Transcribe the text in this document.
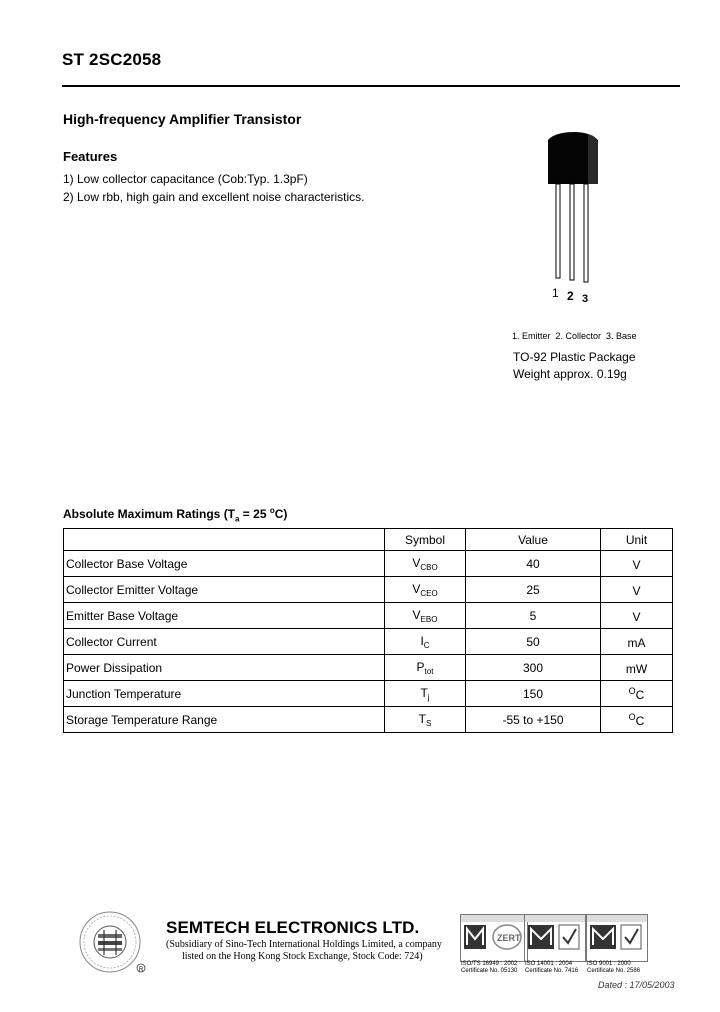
ST 2SC2058
High-frequency Amplifier Transistor
Features
1) Low collector capacitance (Cob:Typ. 1.3pF)
2) Low rbb, high gain and excellent noise characteristics.
1 2 3
1. Emitter  2. Collector  3. Base
TO-92 Plastic Package
Weight approx. 0.19g
Absolute Maximum Ratings ($T_a = 25$ $^o$C)
	Symbol	Value	Unit
Collector Base Voltage	$V_{CBO}$	40	V
Collector Emitter Voltage	$V_{CEO}$	25	V
Emitter Base Voltage	$V_{EBO}$	5	V
Collector Current	$I_C$	50	mA
Power Dissipation	$P_{tot}$	300	mW
Junction Temperature	$T_j$	150	$^O$C
Storage Temperature Range	$T_S$	-55 to +150	$^O$C
R
SEMTECH ELECTRONICS LTD.
(Subsidiary of Sino-Tech International Holdings Limited, a company
listed on the Hong Kong Stock Exchange, Stock Code: 724)
ZERT
ISO/TS 16949 : 2002
Certificate No. 05130
ISO 14001 : 2004
Certificate No. 7416
ISO 9001 : 2000
Certificate No. 2586
Dated : 17/05/2003
